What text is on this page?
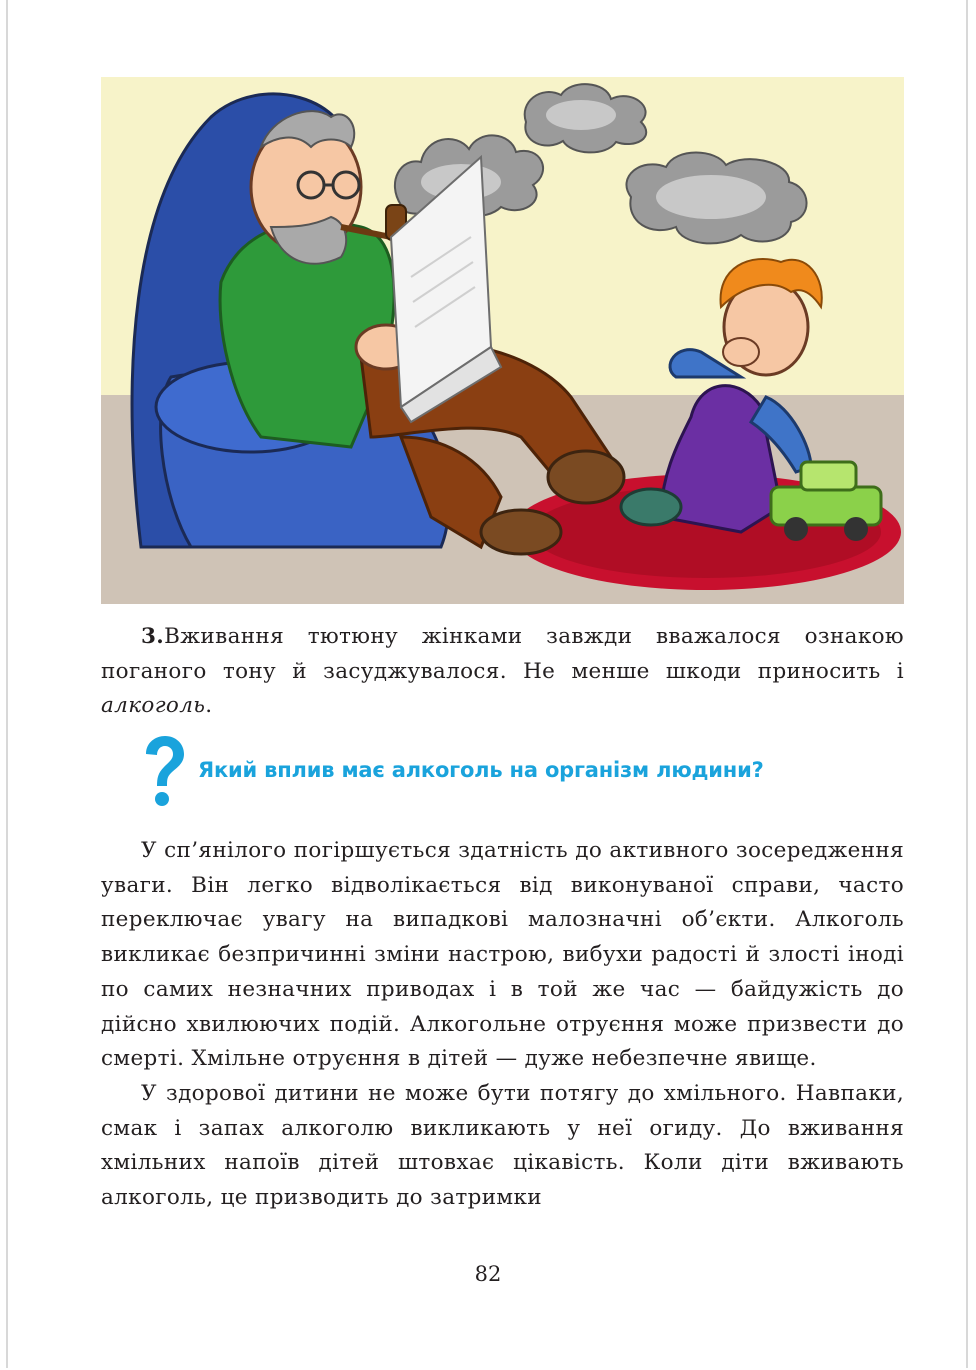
3.Вживання тютюну жінками завжди вважалося ознакою поганого тону й засуджувалося. Не менше шкоди приносить і алкоголь.

Який вплив має алкоголь на організм людини?

У сп’янілого погіршується здатність до активного зосередження уваги. Він легко відволікається від виконуваної справи, часто переключає увагу на випадкові малозначні об’єкти. Алкоголь викликає безпричинні зміни настрою, вибухи радості й злості іноді по самих незначних приводах і в той же час — байдужість до дійсно хвилюючих подій. Алкогольне отруєння може призвести до смерті. Хмільне отруєння в дітей — дуже небезпечне явище.

У здорової дитини не може бути потягу до хмільного. Навпаки, смак і запах алкоголю викликають у неї огиду. До вживання хмільних напоїв дітей штовхає цікавість. Коли діти вживають алкоголь, це призводить до затримки

82
